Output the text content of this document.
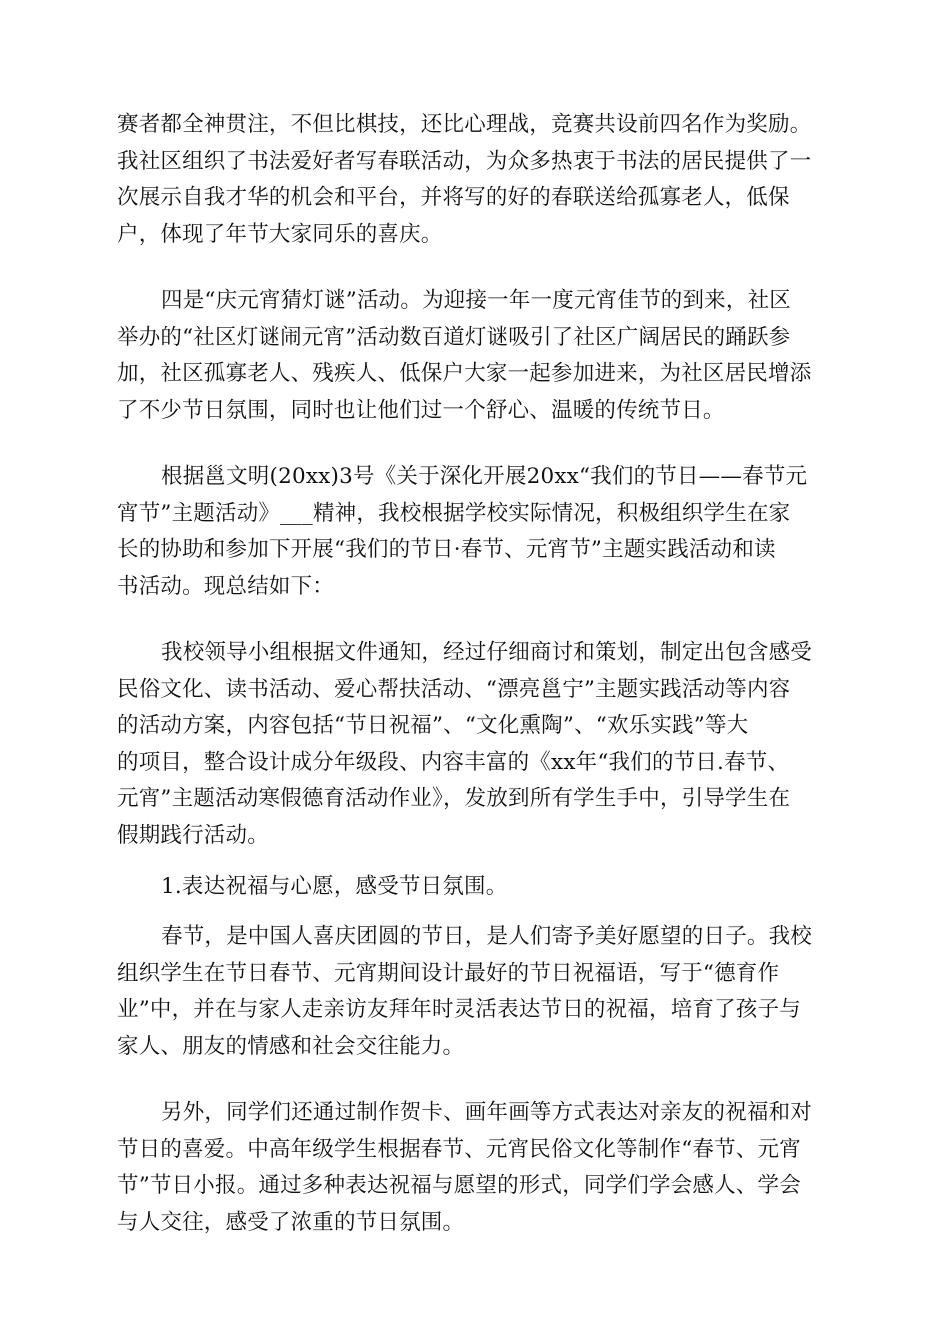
赛者都全神贯注，不但比棋技，还比心理战，竞赛共设前四名作为奖励。
我社区组织了书法爱好者写春联活动，为众多热衷于书法的居民提供了一
次展示自我才华的机会和平台，并将写的好的春联送给孤寡老人，低保
户，体现了年节大家同乐的喜庆。

四是“庆元宵猜灯谜”活动。为迎接一年一度元宵佳节的到来，社区
举办的“社区灯谜闹元宵”活动数百道灯谜吸引了社区广阔居民的踊跃参
加，社区孤寡老人、残疾人、低保户大家一起参加进来，为社区居民增添
了不少节日氛围，同时也让他们过一个舒心、温暖的传统节日。

根据邕文明(20xx)3号《关于深化开展20xx“我们的节日——春节元
宵节”主题活动》___精神，我校根据学校实际情况，积极组织学生在家
长的协助和参加下开展“我们的节日·春节、元宵节”主题实践活动和读
书活动。现总结如下：

我校领导小组根据文件通知，经过仔细商讨和策划，制定出包含感受
民俗文化、读书活动、爱心帮扶活动、“漂亮邕宁”主题实践活动等内容
的活动方案，内容包括“节日祝福”、“文化熏陶”、“欢乐实践”等大
的项目，整合设计成分年级段、内容丰富的《xx年“我们的节日.春节、
元宵”主题活动寒假德育活动作业》，发放到所有学生手中，引导学生在
假期践行活动。

1.表达祝福与心愿，感受节日氛围。

春节，是中国人喜庆团圆的节日，是人们寄予美好愿望的日子。我校
组织学生在节日春节、元宵期间设计最好的节日祝福语，写于“德育作
业”中，并在与家人走亲访友拜年时灵活表达节日的祝福，培育了孩子与
家人、朋友的情感和社会交往能力。

另外，同学们还通过制作贺卡、画年画等方式表达对亲友的祝福和对
节日的喜爱。中高年级学生根据春节、元宵民俗文化等制作“春节、元宵
节”节日小报。通过多种表达祝福与愿望的形式，同学们学会感人、学会
与人交往，感受了浓重的节日氛围。
